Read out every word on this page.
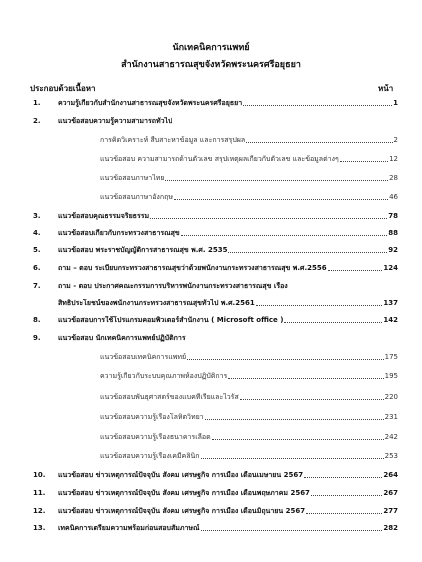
นักเทคนิคการแพทย์
สำนักงานสาธารณสุขจังหวัดพระนครศรีอยุธยา
ประกอบด้วยเนื้อหา	หน้า
1.	ความรู้เกี่ยวกับสำนักงานสาธารณสุขจังหวัดพระนครศรีอยุธยา	1
2.	แนวข้อสอบความรู้ความสามารถทั่วไป
การคิดวิเคราะห์ สืบสาะหาข้อมูล และการสรุปผล	2
แนวข้อสอบ ความสามารถด้านตัวเลข สรุปเหตุผลเกี่ยวกับตัวเลข และข้อมูลต่างๆ	12
แนวข้อสอบภาษาไทย	28
แนวข้อสอบภาษาอังกฤษ	46
3.	แนวข้อสอบคุณธรรมจริยธรรม	78
4.	แนวข้อสอบเกี่ยวกับกระทรวงสาธารณสุข	88
5.	แนวข้อสอบ พระราชบัญญัติการสาธารณสุข พ.ศ. 2535	92
6.	ถาม – ตอบ ระเบียบกระทรวงสาธารณสุขว่าด้วยพนักงานกระทรวงสาธารณสุข พ.ศ.2556	124
7.	ถาม - ตอบ ประกาศคณะกรรมการบริหารพนักงานกระทรวงสาธารณสุข เรื่อง
สิทธิประโยชน์ของพนักงานกระทรวงสาธารณสุขทั่วไป พ.ศ.2561	137
8.	แนวข้อสอบการใช้โปรแกรมคอมพิวเตอร์สำนักงาน ( Microsoft office )	142
9.	แนวข้อสอบ นักเทคนิคการแพทย์ปฏิบัติการ
แนวข้อสอบเทคนิคการแพทย์	175
ความรู้เกี่ยวกับระบบคุณภาพห้องปฏิบัติการ	195
แนวข้อสอบพันธุศาสตร์ของแบคทีเรียและไวรัส	220
แนวข้อสอบความรู้เรื่องโลหิตวิทยา	231
แนวข้อสอบความรู้เรื่องธนาคารเลือด	242
แนวข้อสอบความรู้เรื่องเคมีคลินิก	253
10.	แนวข้อสอบ ข่าวเหตุการณ์ปัจจุบัน สังคม เศรษฐกิจ การเมือง เดือนเมษายน 2567	264
11.	แนวข้อสอบ ข่าวเหตุการณ์ปัจจุบัน สังคม เศรษฐกิจ การเมือง เดือนพฤษภาคม 2567	267
12.	แนวข้อสอบ ข่าวเหตุการณ์ปัจจุบัน สังคม เศรษฐกิจ การเมือง เดือนมิถุนายน 2567	277
13.	เทคนิคการเตรียมความพร้อมก่อนสอบสัมภาษณ์	282
